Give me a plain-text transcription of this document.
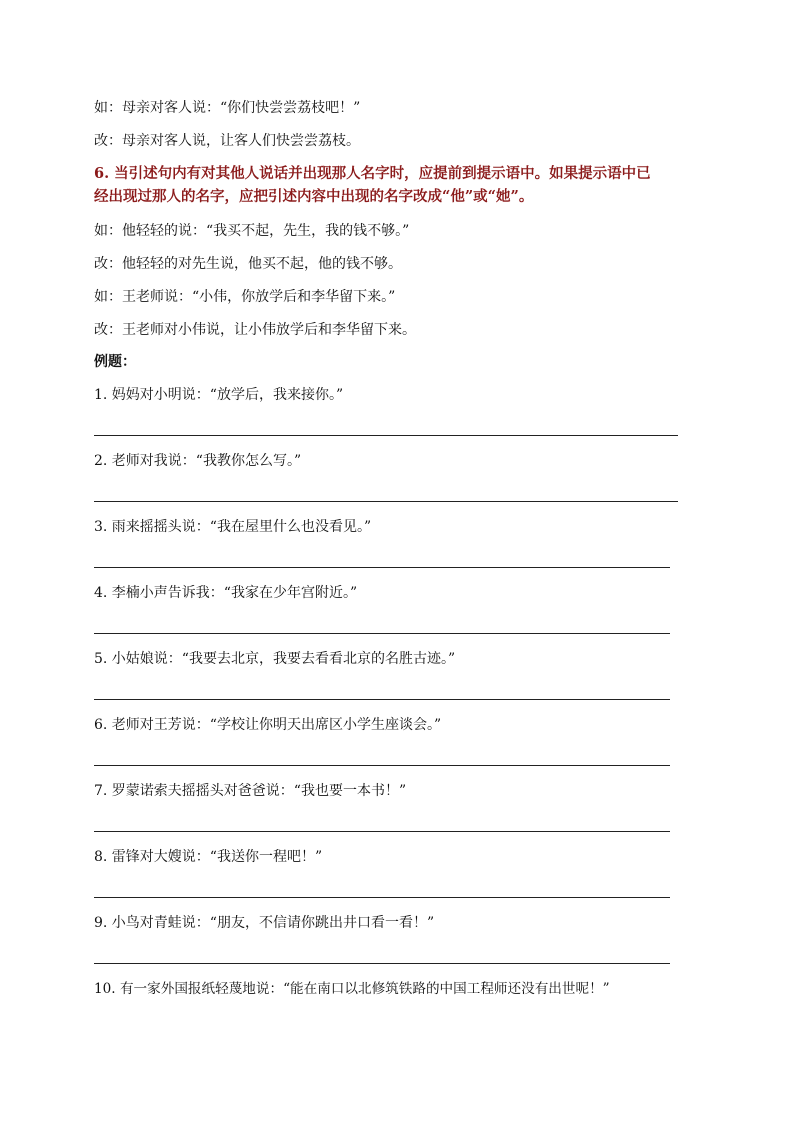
如：母亲对客人说：“你们快尝尝荔枝吧！”
改：母亲对客人说，让客人们快尝尝荔枝。
6. 当引述句内有对其他人说话并出现那人名字时，应提前到提示语中。如果提示语中已
经出现过那人的名字，应把引述内容中出现的名字改成“他”或“她”。
如：他轻轻的说：“我买不起，先生，我的钱不够。”
改：他轻轻的对先生说，他买不起，他的钱不够。
如：王老师说：“小伟，你放学后和李华留下来。”
改：王老师对小伟说，让小伟放学后和李华留下来。
例题：
1. 妈妈对小明说：“放学后，我来接你。”
2. 老师对我说：“我教你怎么写。”
3. 雨来摇摇头说：“我在屋里什么也没看见。”
4. 李楠小声告诉我：“我家在少年宫附近。”
5. 小姑娘说：“我要去北京，我要去看看北京的名胜古迹。”
6. 老师对王芳说：“学校让你明天出席区小学生座谈会。”
7. 罗蒙诺索夫摇摇头对爸爸说：“我也要一本书！”
8. 雷锋对大嫂说：“我送你一程吧！”
9. 小鸟对青蛙说：“朋友，不信请你跳出井口看一看！”
10. 有一家外国报纸轻蔑地说：“能在南口以北修筑铁路的中国工程师还没有出世呢！”
